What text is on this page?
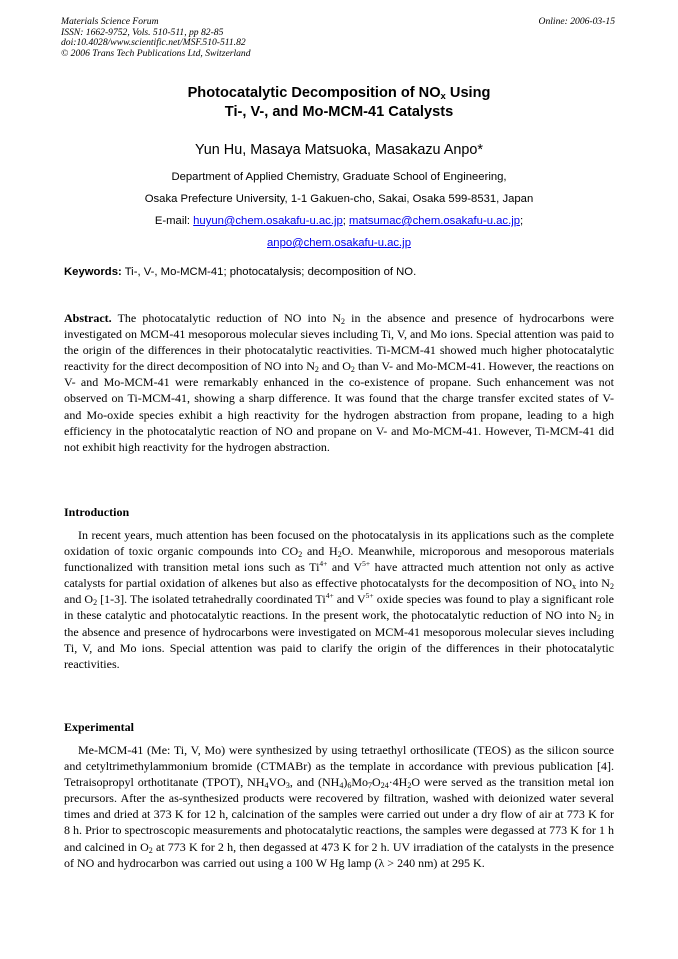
Materials Science Forum
ISSN: 1662-9752, Vols. 510-511, pp 82-85
doi:10.4028/www.scientific.net/MSF.510-511.82
© 2006 Trans Tech Publications Ltd, Switzerland
Online: 2006-03-15
Photocatalytic Decomposition of $NO_x$ Using
Ti-, V-, and Mo-MCM-41 Catalysts
Yun Hu, Masaya Matsuoka, Masakazu Anpo*
Department of Applied Chemistry, Graduate School of Engineering,
Osaka Prefecture University, 1-1 Gakuen-cho, Sakai, Osaka 599-8531, Japan
E-mail: huyun@chem.osakafu-u.ac.jp; matsumac@chem.osakafu-u.ac.jp;
anpo@chem.osakafu-u.ac.jp
Keywords: Ti-, V-, Mo-MCM-41; photocatalysis; decomposition of NO.
Abstract. The photocatalytic reduction of NO into $N_2$ in the absence and presence of hydrocarbons were investigated on MCM-41 mesoporous molecular sieves including Ti, V, and Mo ions. Special attention was paid to the origin of the differences in their photocatalytic reactivities. Ti-MCM-41 showed much higher photocatalytic reactivity for the direct decomposition of NO into $N_2$ and $O_2$ than V- and Mo-MCM-41. However, the reactions on V- and Mo-MCM-41 were remarkably enhanced in the co-existence of propane. Such enhancement was not observed on Ti-MCM-41, showing a sharp difference. It was found that the charge transfer excited states of V- and Mo-oxide species exhibit a high reactivity for the hydrogen abstraction from propane, leading to a high efficiency in the photocatalytic reaction of NO and propane on V- and Mo-MCM-41. However, Ti-MCM-41 did not exhibit high reactivity for the hydrogen abstraction.
Introduction
In recent years, much attention has been focused on the photocatalysis in its applications such as the complete oxidation of toxic organic compounds into $CO_2$ and $H_2O$. Meanwhile, microporous and mesoporous materials functionalized with transition metal ions such as $Ti^{4+}$ and $V^{5+}$ have attracted much attention not only as active catalysts for partial oxidation of alkenes but also as effective photocatalysts for the decomposition of $NO_x$ into $N_2$ and $O_2$ [1-3]. The isolated tetrahedrally coordinated $Ti^{4+}$ and $V^{5+}$ oxide species was found to play a significant role in these catalytic and photocatalytic reactions. In the present work, the photocatalytic reduction of NO into $N_2$ in the absence and presence of hydrocarbons were investigated on MCM-41 mesoporous molecular sieves including Ti, V, and Mo ions. Special attention was paid to clarify the origin of the differences in their photocatalytic reactivities.
Experimental
Me-MCM-41 (Me: Ti, V, Mo) were synthesized by using tetraethyl orthosilicate (TEOS) as the silicon source and cetyltrimethylammonium bromide (CTMABr) as the template in accordance with previous publication [4]. Tetraisopropyl orthotitanate (TPOT), $NH_4VO_3$, and $(NH_4)_6Mo_7O_{24}\cdot 4H_2O$ were served as the transition metal ion precursors. After the as-synthesized products were recovered by filtration, washed with deionized water several times and dried at 373 K for 12 h, calcination of the samples were carried out under a dry flow of air at 773 K for 8 h. Prior to spectroscopic measurements and photocatalytic reactions, the samples were degassed at 773 K for 1 h and calcined in $O_2$ at 773 K for 2 h, then degassed at 473 K for 2 h. UV irradiation of the catalysts in the presence of NO and hydrocarbon was carried out using a 100 W Hg lamp (λ > 240 nm) at 295 K.
